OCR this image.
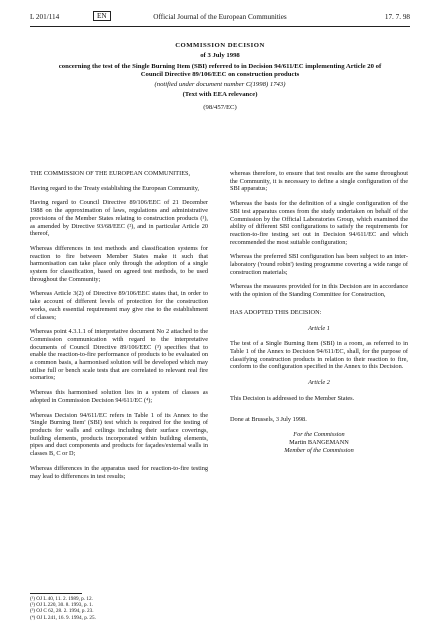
L 201/114	EN	Official Journal of the European Communities	17. 7. 98
COMMISSION DECISION
of 3 July 1998
concerning the test of the Single Burning Item (SBI) referred to in Decision 94/611/EC implementing Article 20 of Council Directive 89/106/EEC on construction products
(notified under document number C(1998) 1743)
(Text with EEA relevance)
(98/457/EC)

THE COMMISSION OF THE EUROPEAN COMMUNITIES,

Having regard to the Treaty establishing the European Community,

Having regard to Council Directive 89/106/EEC of 21 December 1988 on the approximation of laws, regulations and administrative provisions of the Member States relating to construction products (¹), as amended by Directive 93/68/EEC (²), and in particular Article 20 thereof,

Whereas differences in test methods and classification systems for reaction to fire between Member States make it such that harmonisation can take place only through the adoption of a single system for classification, based on agreed test methods, to be used throughout the Community;

Whereas Article 3(2) of Directive 89/106/EEC states that, in order to take account of different levels of protection for the construction works, each essential requirement may give rise to the establishment of classes;

Whereas point 4.3.1.1 of interpretative document No 2 attached to the Commission communication with regard to the interpretative documents of Council Directive 89/106/EEC (³) specifies that to enable the reaction-to-fire performance of products to be evaluated on a common basis, a harmonised solution will be developed which may utilise full or bench scale tests that are correlated to relevant real fire scenarios;

Whereas this harmonised solution lies in a system of classes as adopted in Commission Decision 94/611/EC (⁴);

Whereas Decision 94/611/EC refers in Table 1 of its Annex to the 'Single Burning Item' (SBI) test which is required for the testing of products for walls and ceilings including their surface coverings, building elements, products incorporated within building elements, pipes and duct components and products for façades/external walls in classes B, C or D;

Whereas differences in the apparatus used for reaction-to-fire testing may lead to differences in test results;

whereas therefore, to ensure that test results are the same throughout the Community, it is necessary to define a single configuration of the SBI apparatus;

Whereas the basis for the definition of a single configuration of the SBI test apparatus comes from the study undertaken on behalf of the Commission by the Official Laboratories Group, which examined the ability of different SBI configurations to satisfy the requirements for reaction-to-fire testing set out in Decision 94/611/EC and which recommended the most suitable configuration;

Whereas the preferred SBI configuration has been subject to an inter-laboratory ('round robin') testing programme covering a wide range of construction materials;

Whereas the measures provided for in this Decision are in accordance with the opinion of the Standing Committee for Construction,

HAS ADOPTED THIS DECISION:

Article 1

The test of a Single Burning Item (SBI) in a room, as referred to in Table 1 of the Annex to Decision 94/611/EC, shall, for the purpose of classifying construction products in relation to their reaction to fire, conform to the configuration specified in the Annex to this Decision.

Article 2

This Decision is addressed to the Member States.

Done at Brussels, 3 July 1998.

For the Commission
Martin BANGEMANN
Member of the Commission
(¹) OJ L 40, 11. 2. 1989, p. 12.
(²) OJ L 220, 30. 8. 1993, p. 1.
(³) OJ C 62, 28. 2. 1994, p. 23.
(⁴) OJ L 241, 16. 9. 1994, p. 25.
